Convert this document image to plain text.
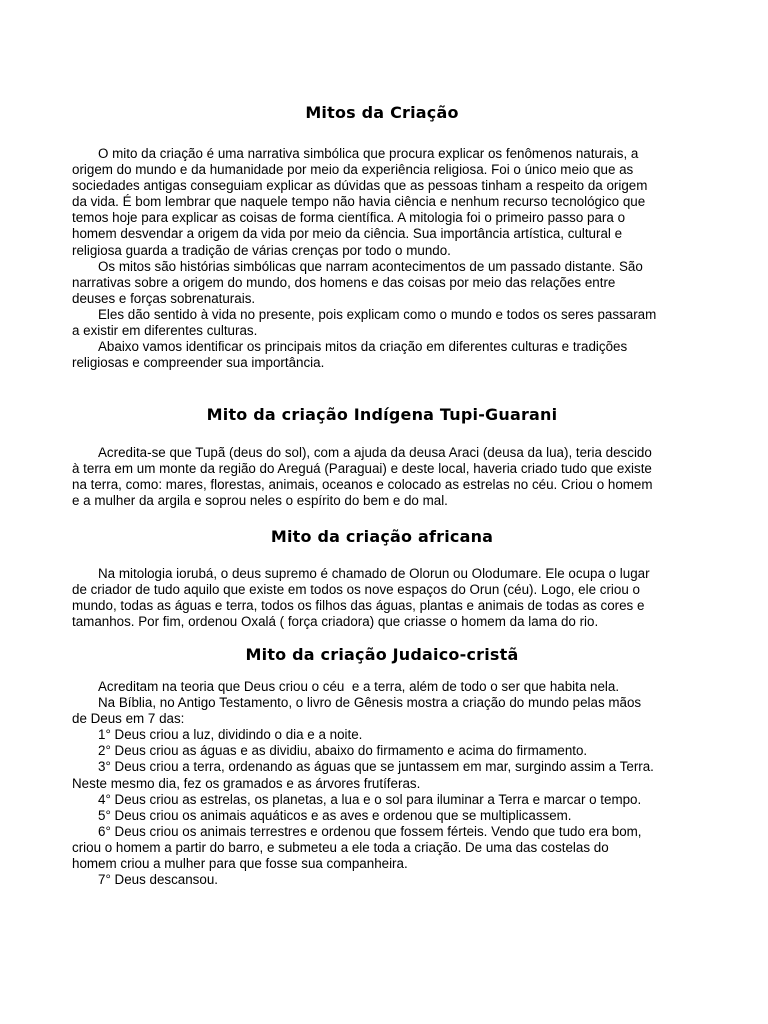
Mitos da Criação
O mito da criação é uma narrativa simbólica que procura explicar os fenômenos naturais, a
origem do mundo e da humanidade por meio da experiência religiosa. Foi o único meio que as
sociedades antigas conseguiam explicar as dúvidas que as pessoas tinham a respeito da origem
da vida. É bom lembrar que naquele tempo não havia ciência e nenhum recurso tecnológico que
temos hoje para explicar as coisas de forma científica. A mitologia foi o primeiro passo para o
homem desvendar a origem da vida por meio da ciência. Sua importância artística, cultural e
religiosa guarda a tradição de várias crenças por todo o mundo.
Os mitos são histórias simbólicas que narram acontecimentos de um passado distante. São
narrativas sobre a origem do mundo, dos homens e das coisas por meio das relações entre
deuses e forças sobrenaturais.
Eles dão sentido à vida no presente, pois explicam como o mundo e todos os seres passaram
a existir em diferentes culturas.
Abaixo vamos identificar os principais mitos da criação em diferentes culturas e tradições
religiosas e compreender sua importância.
Mito da criação Indígena Tupi-Guarani
Acredita-se que Tupã (deus do sol), com a ajuda da deusa Araci (deusa da lua), teria descido
à terra em um monte da região do Areguá (Paraguai) e deste local, haveria criado tudo que existe
na terra, como: mares, florestas, animais, oceanos e colocado as estrelas no céu. Criou o homem
e a mulher da argila e soprou neles o espírito do bem e do mal.
Mito da criação africana
Na mitologia iorubá, o deus supremo é chamado de Olorun ou Olodumare. Ele ocupa o lugar
de criador de tudo aquilo que existe em todos os nove espaços do Orun (céu). Logo, ele criou o
mundo, todas as águas e terra, todos os filhos das águas, plantas e animais de todas as cores e
tamanhos. Por fim, ordenou Oxalá ( força criadora) que criasse o homem da lama do rio.
Mito da criação Judaico-cristã
Acreditam na teoria que Deus criou o céu  e a terra, além de todo o ser que habita nela.
Na Bíblia, no Antigo Testamento, o livro de Gênesis mostra a criação do mundo pelas mãos
de Deus em 7 das:
1° Deus criou a luz, dividindo o dia e a noite.
2° Deus criou as águas e as dividiu, abaixo do firmamento e acima do firmamento.
3° Deus criou a terra, ordenando as águas que se juntassem em mar, surgindo assim a Terra.
Neste mesmo dia, fez os gramados e as árvores frutíferas.
4° Deus criou as estrelas, os planetas, a lua e o sol para iluminar a Terra e marcar o tempo.
5° Deus criou os animais aquáticos e as aves e ordenou que se multiplicassem.
6° Deus criou os animais terrestres e ordenou que fossem férteis. Vendo que tudo era bom,
criou o homem a partir do barro, e submeteu a ele toda a criação. De uma das costelas do
homem criou a mulher para que fosse sua companheira.
7° Deus descansou.
